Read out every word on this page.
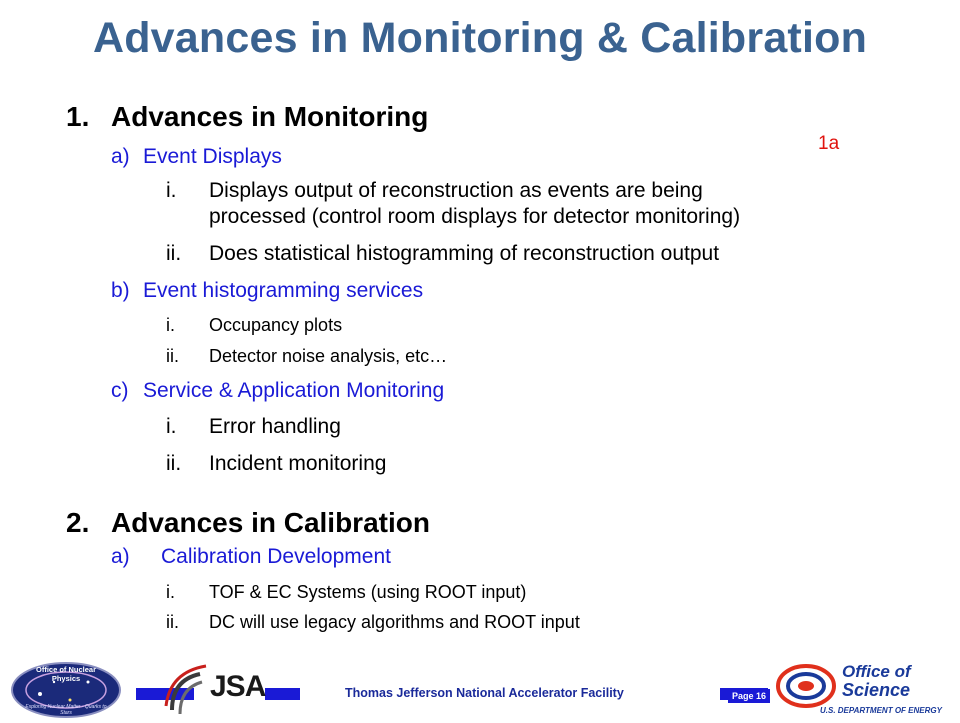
Advances in Monitoring & Calibration
1a
1. Advances in Monitoring
a) Event Displays
i. Displays output of reconstruction as events are being
processed (control room displays for detector monitoring)
ii. Does statistical histogramming of reconstruction output
b) Event histogramming services
i. Occupancy plots
ii. Detector noise analysis, etc…
c) Service & Application Monitoring
i. Error handling
ii. Incident monitoring
2. Advances in Calibration
a) Calibration Development
i. TOF & EC Systems (using ROOT input)
ii. DC will use legacy algorithms and ROOT input
Office of Nuclear Physics
Exploring Nuclear Matter - Quarks to Stars
JSA	Thomas Jefferson National Accelerator Facility	Page 16
Office of
Science
U.S. DEPARTMENT OF ENERGY
